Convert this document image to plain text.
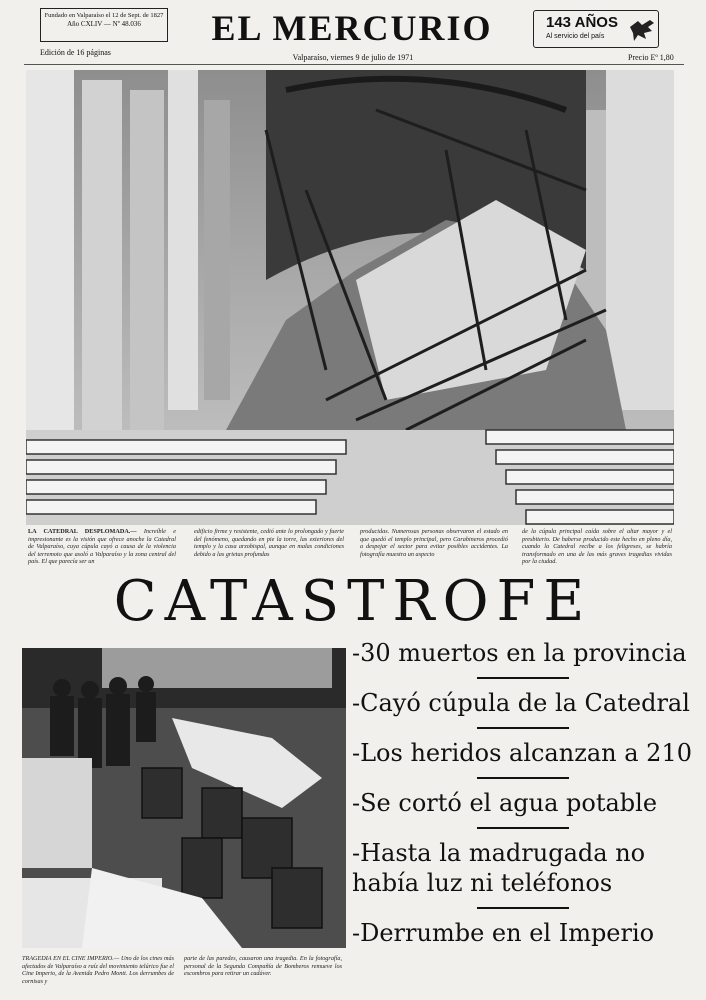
Fundado en Valparaíso el 12 de Sept. de 1827
Año CXLIV — Nº 48.036	EL MERCURIO	143 AÑOS
Al servicio del país
Edición de 16 páginas
Valparaíso, viernes 9 de julio de 1971	Precio Eº 1,80
LA CATEDRAL DESPLOMADA.— Increíble e impresionante es la visión que ofrece anoche la Catedral de Valparaíso, cuya cúpula cayó a causa de la violencia del terremoto que asoló a Valparaíso y la zona central del país. El que parecía ser un
edificio firme y resistente, cedió ante lo prolongado y fuerte del fenómeno, quedando en pie la torre, las exteriores del templo y la casa arzobispal, aunque en malas condiciones debido a las grietas profundas
producidas. Numerosas personas observaron el estado en que quedó el templo principal, pero Carabineros procedió a despejar el sector para evitar posibles accidentes. La fotografía muestra un aspecto
de la cúpula principal caída sobre el altar mayor y el presbiterio. De haberse producido este hecho en pleno día, cuando la Catedral recibe a los feligreses, se habría transformado en una de las más graves tragedias vividas por la ciudad.
CATASTROFE
TRAGEDIA EN EL CINE IMPERIO.— Uno de los cines más afectados de Valparaíso a raíz del movimiento telúrico fue el Cine Imperio, de la Avenida Pedro Montt. Los derrumbes de cornisas y
parte de las paredes, causaron una tragedia. En la fotografía, personal de la Segunda Compañía de Bomberos remueve los escombros para retirar un cadáver.
-30 muertos en la provincia
-Cayó cúpula de la Catedral
-Los heridos alcanzan a 210
-Se cortó el agua potable
-Hasta la madrugada no
había luz ni teléfonos
-Derrumbe en el Imperio
